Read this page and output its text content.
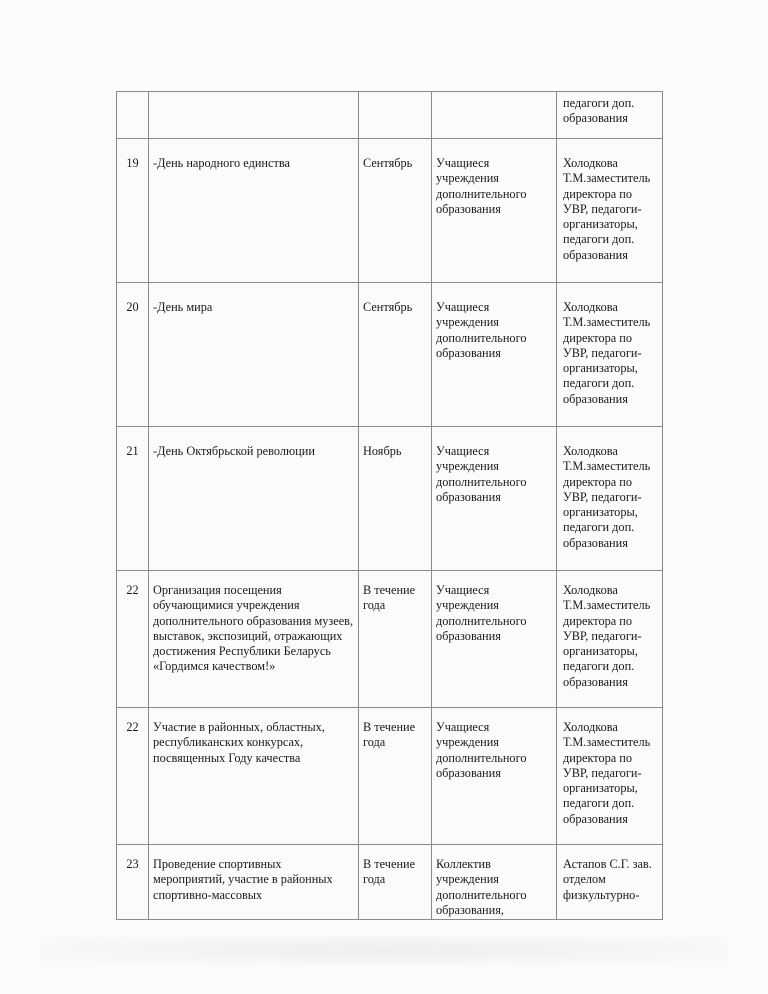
				педагоги доп. образования

19	-День народного единства	Сентябрь	Учащиеся учреждения дополнительного образования	Холодкова Т.М.заместитель директора по УВР, педагоги-организаторы, педагоги доп. образования

20	-День мира	Сентябрь	Учащиеся учреждения дополнительного образования	Холодкова Т.М.заместитель директора по УВР, педагоги-организаторы, педагоги доп. образования

21	-День Октябрьской революции	Ноябрь	Учащиеся учреждения дополнительного образования	Холодкова Т.М.заместитель директора по УВР, педагоги-организаторы, педагоги доп. образования

22	Организация посещения обучающимися учреждения дополнительного образования музеев, выставок, экспозиций, отражающих достижения Республики Беларусь «Гордимся качеством!»	В течение года	Учащиеся учреждения дополнительного образования	Холодкова Т.М.заместитель директора по УВР, педагоги-организаторы, педагоги доп. образования

22	Участие в районных, областных, республиканских конкурсах, посвященных Году качества	В течение года	Учащиеся учреждения дополнительного образования	Холодкова Т.М.заместитель директора по УВР, педагоги-организаторы, педагоги доп. образования

23	Проведение спортивных мероприятий, участие в районных спортивно-массовых	В течение года	Коллектив учреждения дополнительного образования,	Астапов С.Г. зав. отделом физкультурно-
